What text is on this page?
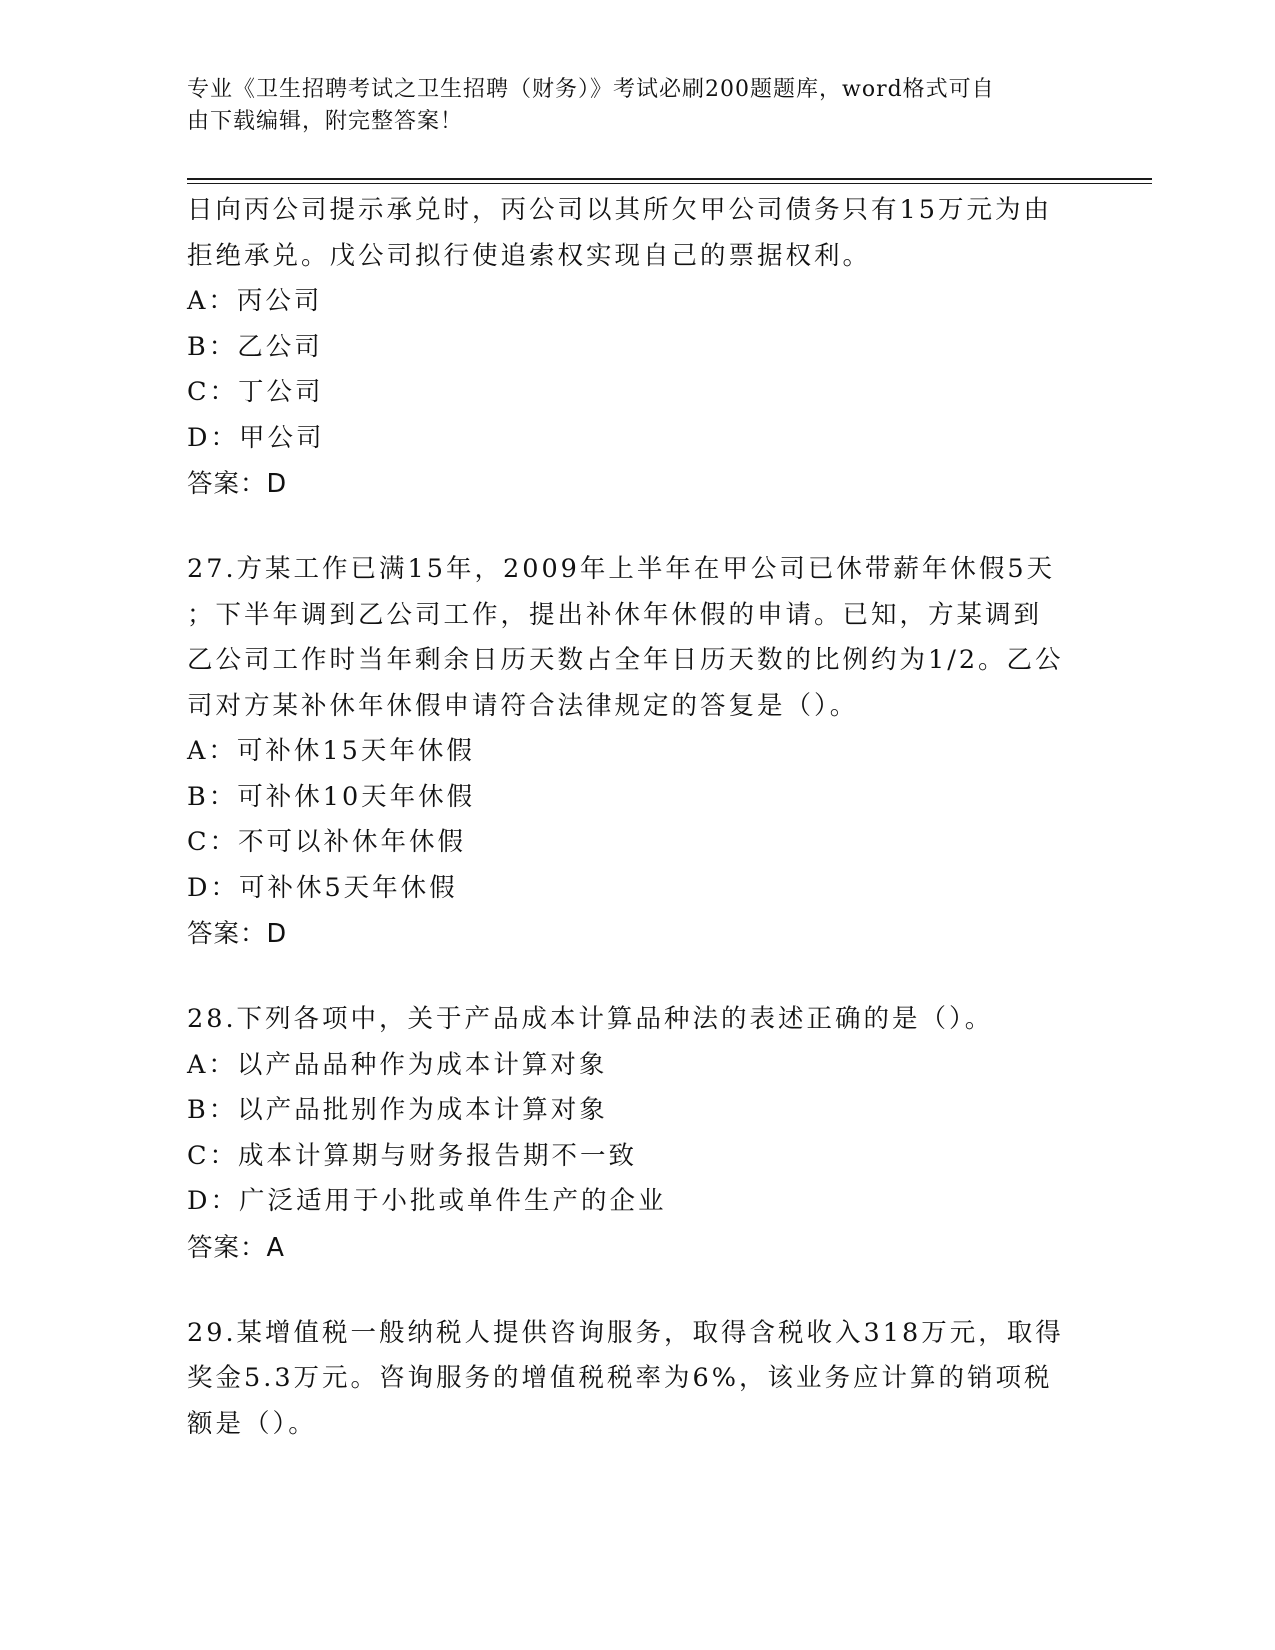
专业《卫生招聘考试之卫生招聘（财务）》考试必刷200题题库，word格式可自
由下载编辑，附完整答案！
日向丙公司提示承兑时，丙公司以其所欠甲公司债务只有15万元为由
拒绝承兑。戊公司拟行使追索权实现自己的票据权利。
A：丙公司
B：乙公司
C：丁公司
D：甲公司
答案：D
27.方某工作已满15年，2009年上半年在甲公司已休带薪年休假5天
；下半年调到乙公司工作，提出补休年休假的申请。已知，方某调到
乙公司工作时当年剩余日历天数占全年日历天数的比例约为1/2。乙公
司对方某补休年休假申请符合法律规定的答复是（）。
A：可补休15天年休假
B：可补休10天年休假
C：不可以补休年休假
D：可补休5天年休假
答案：D
28.下列各项中，关于产品成本计算品种法的表述正确的是（）。
A：以产品品种作为成本计算对象
B：以产品批别作为成本计算对象
C：成本计算期与财务报告期不一致
D：广泛适用于小批或单件生产的企业
答案：A
29.某增值税一般纳税人提供咨询服务，取得含税收入318万元，取得
奖金5.3万元。咨询服务的增值税税率为6%，该业务应计算的销项税
额是（）。
